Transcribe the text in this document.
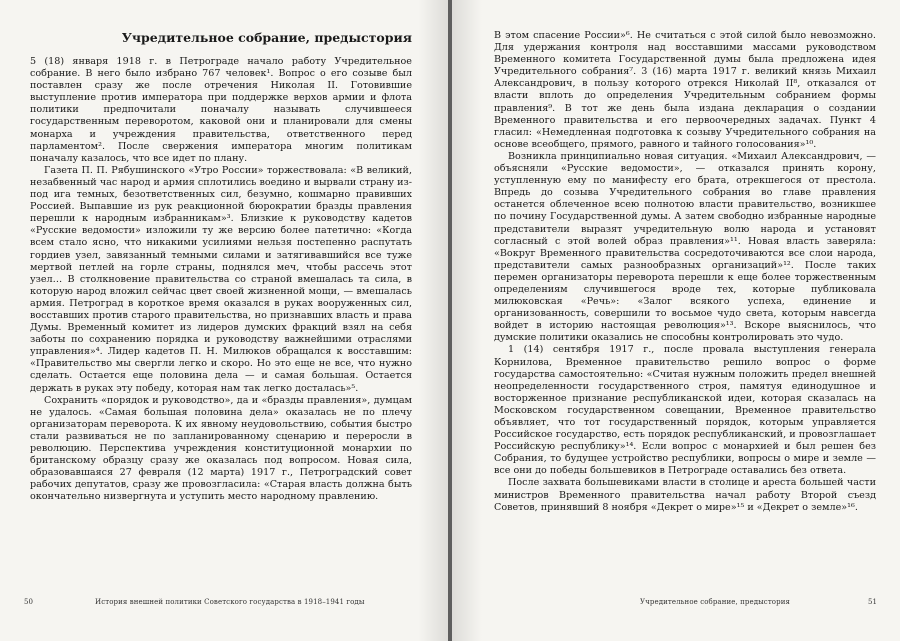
Учредительное собрание, предыстория

5 (18) января 1918 г. в Петрограде начало работу Учредительное собрание. В него было избрано 767 человек¹. Вопрос о его созыве был поставлен сразу же после отречения Николая II. Готовившие выступление против императора при поддержке верхов армии и флота политики предпочитали поначалу называть случившееся государственным переворотом, каковой они и планировали для смены монарха и учреждения правительства, ответственного перед парламентом². После свержения императора многим политикам поначалу казалось, что все идет по плану.

Газета П. П. Рябушинского «Утро России» торжествовала: «В великий, незабвенный час народ и армия сплотились воедино и вырвали страну из-под ига темных, безответственных сил, безумно, кошмарно правивших Россией. Выпавшие из рук реакционной бюрократии бразды правления перешли к народным избранникам»³. Близкие к руководству кадетов «Русские ведомости» изложили ту же версию более патетично: «Когда всем стало ясно, что никакими усилиями нельзя постепенно распутать гордиев узел, завязанный темными силами и затягивавшийся все туже мертвой петлей на горле страны, поднялся меч, чтобы рассечь этот узел… В столкновение правительства со страной вмешалась та сила, в которую народ вложил сейчас цвет своей жизненной мощи, — вмешалась армия. Петроград в короткое время оказался в руках вооруженных сил, восставших против старого правительства, но признавших власть и права Думы. Временный комитет из лидеров думских фракций взял на себя заботы по сохранению порядка и руководству важнейшими отраслями управления»⁴. Лидер кадетов П. Н. Милюков обращался к восставшим: «Правительство мы свергли легко и скоро. Но это еще не все, что нужно сделать. Остается еще половина дела — и самая большая. Остается держать в руках эту победу, которая нам так легко досталась»⁵.

Сохранить «порядок и руководство», да и «бразды правления», думцам не удалось. «Самая большая половина дела» оказалась не по плечу организаторам переворота. К их явному неудовольствию, события быстро стали развиваться не по запланированному сценарию и переросли в революцию. Перспектива учреждения конституционной монархии по британскому образцу сразу же оказалась под вопросом. Новая сила, образовавшаяся 27 февраля (12 марта) 1917 г., Петроградский совет рабочих депутатов, сразу же провозгласила: «Старая власть должна быть окончательно низвергнута и уступить место народному правлению.

50	История внешней политики Советского государства в 1918–1941 годы

В этом спасение России»⁶. Не считаться с этой силой было невозможно. Для удержания контроля над восставшими массами руководством Временного комитета Государственной думы была предложена идея Учредительного собрания⁷. 3 (16) марта 1917 г. великий князь Михаил Александрович, в пользу которого отрекся Николай II⁸, отказался от власти вплоть до определения Учредительным собранием формы правления⁹. В тот же день была издана декларация о создании Временного правительства и его первоочередных задачах. Пункт 4 гласил: «Немедленная подготовка к созыву Учредительного собрания на основе всеобщего, прямого, равного и тайного голосования»¹⁰.

Возникла принципиально новая ситуация. «Михаил Александрович, — объясняли «Русские ведомости», — отказался принять корону, уступленную ему по манифесту его брата, отрекшегося от престола. Впредь до созыва Учредительного собрания во главе правления останется облеченное всею полнотою власти правительство, возникшее по почину Государственной думы. А затем свободно избранные народные представители выразят учредительную волю народа и установят согласный с этой волей образ правления»¹¹. Новая власть заверяла: «Вокруг Временного правительства сосредоточиваются все слои народа, представители самых разнообразных организаций»¹². После таких перемен организаторы переворота перешли к еще более торжественным определениям случившегося вроде тех, которые публиковала милюковская «Речь»: «Залог всякого успеха, единение и организованность, совершили то восьмое чудо света, которым навсегда войдет в историю настоящая революция»¹³. Вскоре выяснилось, что думские политики оказались не способны контролировать это чудо.

1 (14) сентября 1917 г., после провала выступления генерала Корнилова, Временное правительство решило вопрос о форме государства самостоятельно: «Считая нужным положить предел внешней неопределенности государственного строя, памятуя единодушное и восторженное признание республиканской идеи, которая сказалась на Московском государственном совещании, Временное правительство объявляет, что тот государственный порядок, которым управляется Российское государство, есть порядок республиканский, и провозглашает Российскую республику»¹⁴. Если вопрос с монархией и был решен без Собрания, то будущее устройство республики, вопросы о мире и земле — все они до победы большевиков в Петрограде оставались без ответа.

После захвата большевиками власти в столице и ареста большей части министров Временного правительства начал работу Второй съезд Советов, принявший 8 ноября «Декрет о мире»¹⁵ и «Декрет о земле»¹⁶.

Учредительное собрание, предыстория	51
